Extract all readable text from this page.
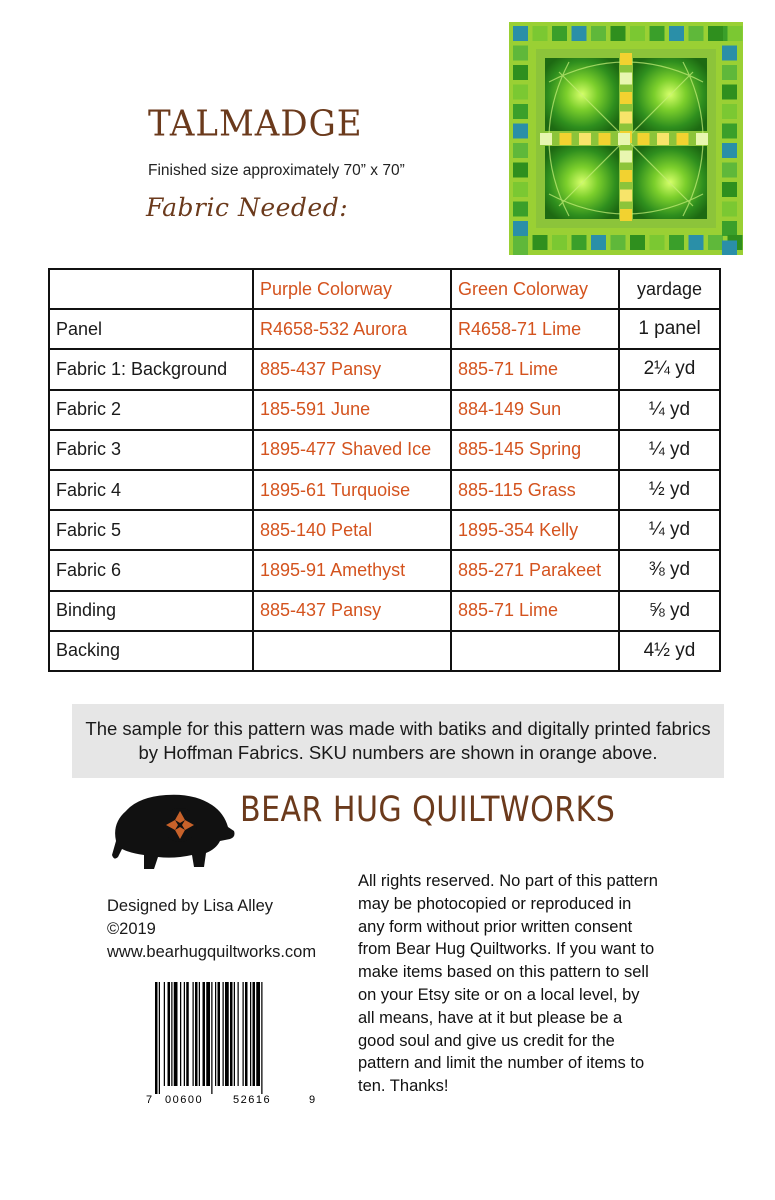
TALMADGE
Finished size approximately 70” x 70”
Fabric Needed:
	Purple Colorway	Green Colorway	yardage
Panel	R4658-532 Aurora	R4658-71 Lime	1 panel
Fabric 1: Background	885-437 Pansy	885-71 Lime	2¼ yd
Fabric 2	185-591 June	884-149 Sun	¼ yd
Fabric 3	1895-477 Shaved Ice	885-145 Spring	¼ yd
Fabric 4	1895-61 Turquoise	885-115 Grass	½ yd
Fabric 5	885-140 Petal	1895-354 Kelly	¼ yd
Fabric 6	1895-91 Amethyst	885-271 Parakeet	⅜ yd
Binding	885-437 Pansy	885-71 Lime	⅝ yd
Backing			4½ yd
The sample for this pattern was made with batiks and digitally printed fabrics by Hoffman Fabrics. SKU numbers are shown in orange above.
BEAR HUG QUILTWORKS
Designed by Lisa Alley
©2019
www.bearhugquiltworks.com
7 00600	52616	9
All rights reserved. No part of this pattern may be photocopied or reproduced in any form without prior written consent from Bear Hug Quiltworks. If you want to make items based on this pattern to sell on your Etsy site or on a local level, by all means, have at it but please be a good soul and give us credit for the pattern and limit the number of items to ten. Thanks!
